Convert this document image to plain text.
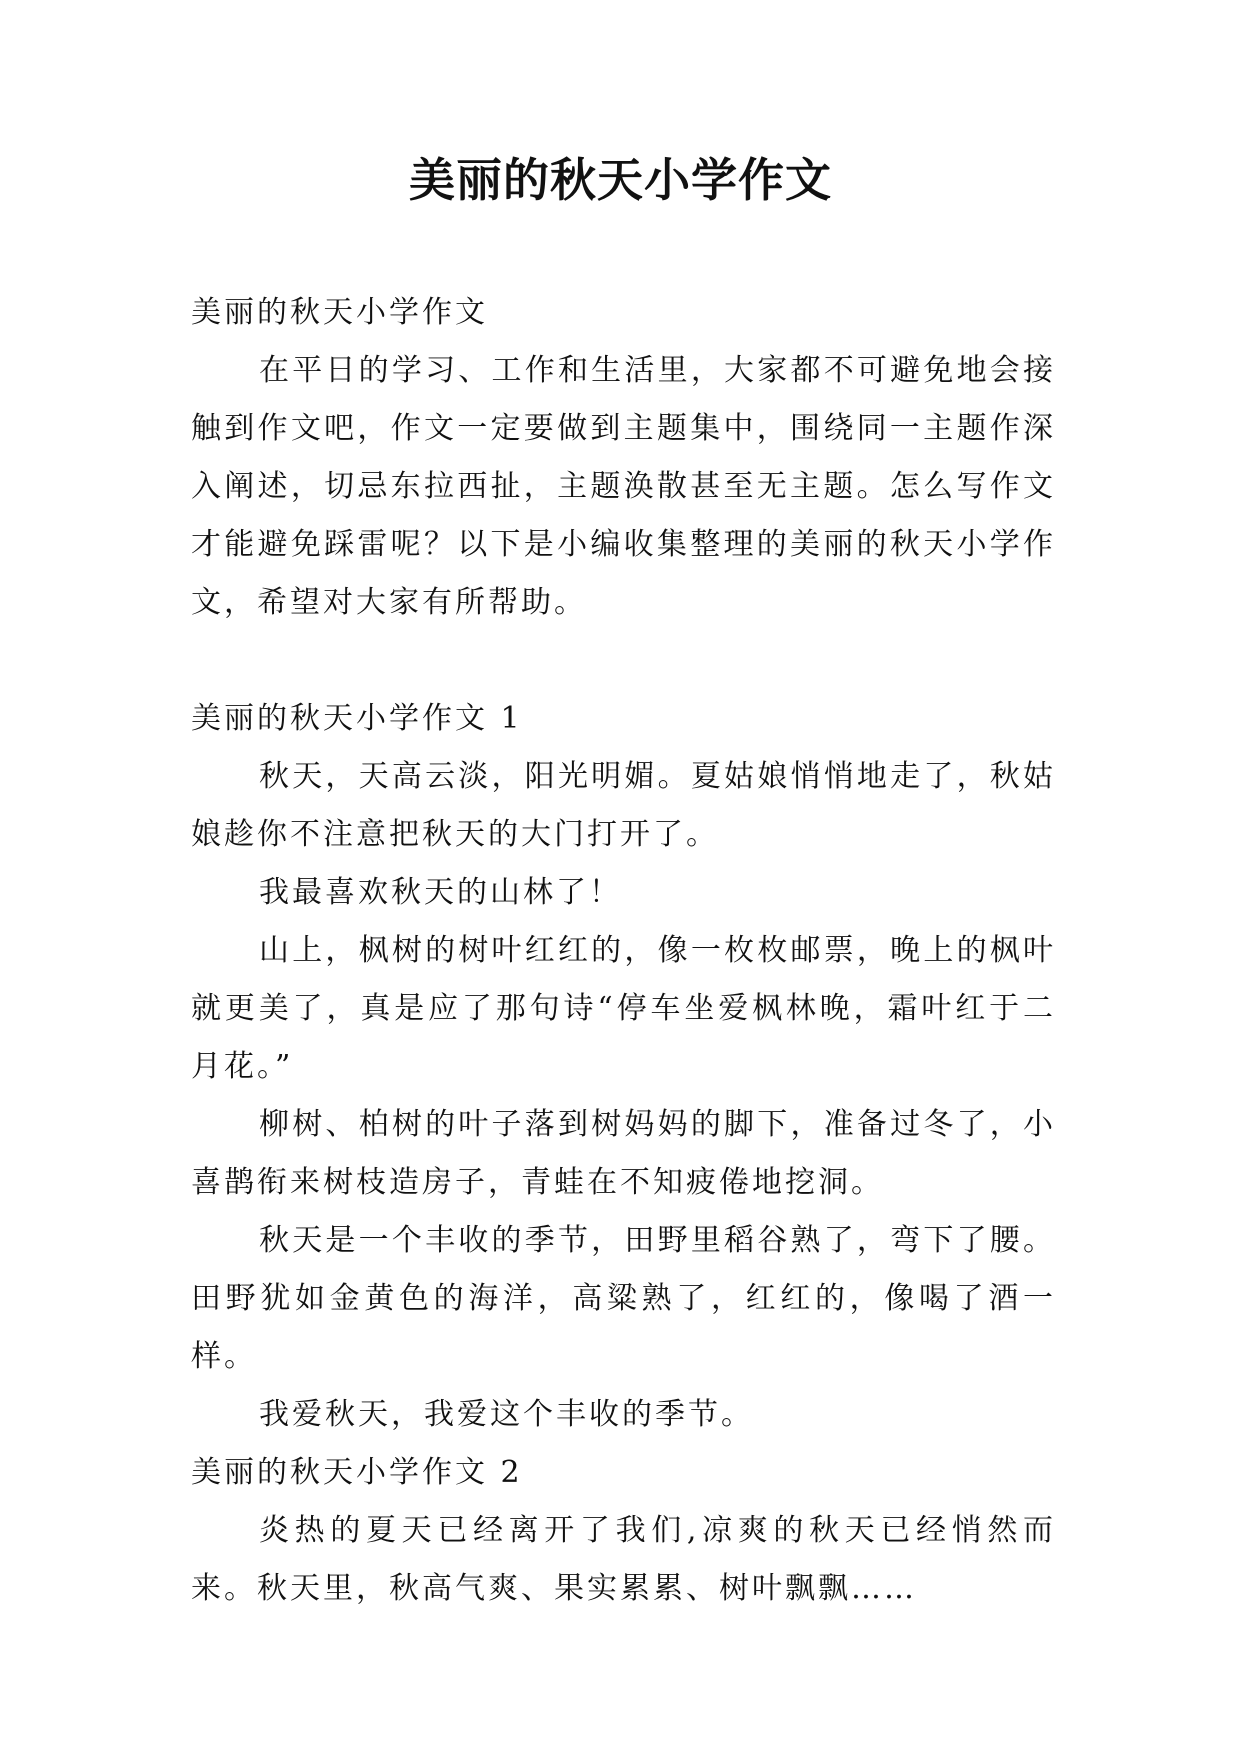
美丽的秋天小学作文

美丽的秋天小学作文

在平日的学习、工作和生活里，大家都不可避免地会接触到作文吧，作文一定要做到主题集中，围绕同一主题作深入阐述，切忌东拉西扯，主题涣散甚至无主题。怎么写作文才能避免踩雷呢？以下是小编收集整理的美丽的秋天小学作文，希望对大家有所帮助。

美丽的秋天小学作文 1

秋天，天高云淡，阳光明媚。夏姑娘悄悄地走了，秋姑娘趁你不注意把秋天的大门打开了。

我最喜欢秋天的山林了！

山上，枫树的树叶红红的，像一枚枚邮票，晚上的枫叶就更美了，真是应了那句诗“停车坐爱枫林晚，霜叶红于二月花。”

柳树、柏树的叶子落到树妈妈的脚下，准备过冬了，小喜鹊衔来树枝造房子，青蛙在不知疲倦地挖洞。

秋天是一个丰收的季节，田野里稻谷熟了，弯下了腰。田野犹如金黄色的海洋，高粱熟了，红红的，像喝了酒一样。

我爱秋天，我爱这个丰收的季节。

美丽的秋天小学作文 2

炎热的夏天已经离开了我们,凉爽的秋天已经悄然而来。秋天里，秋高气爽、果实累累、树叶飘飘……
